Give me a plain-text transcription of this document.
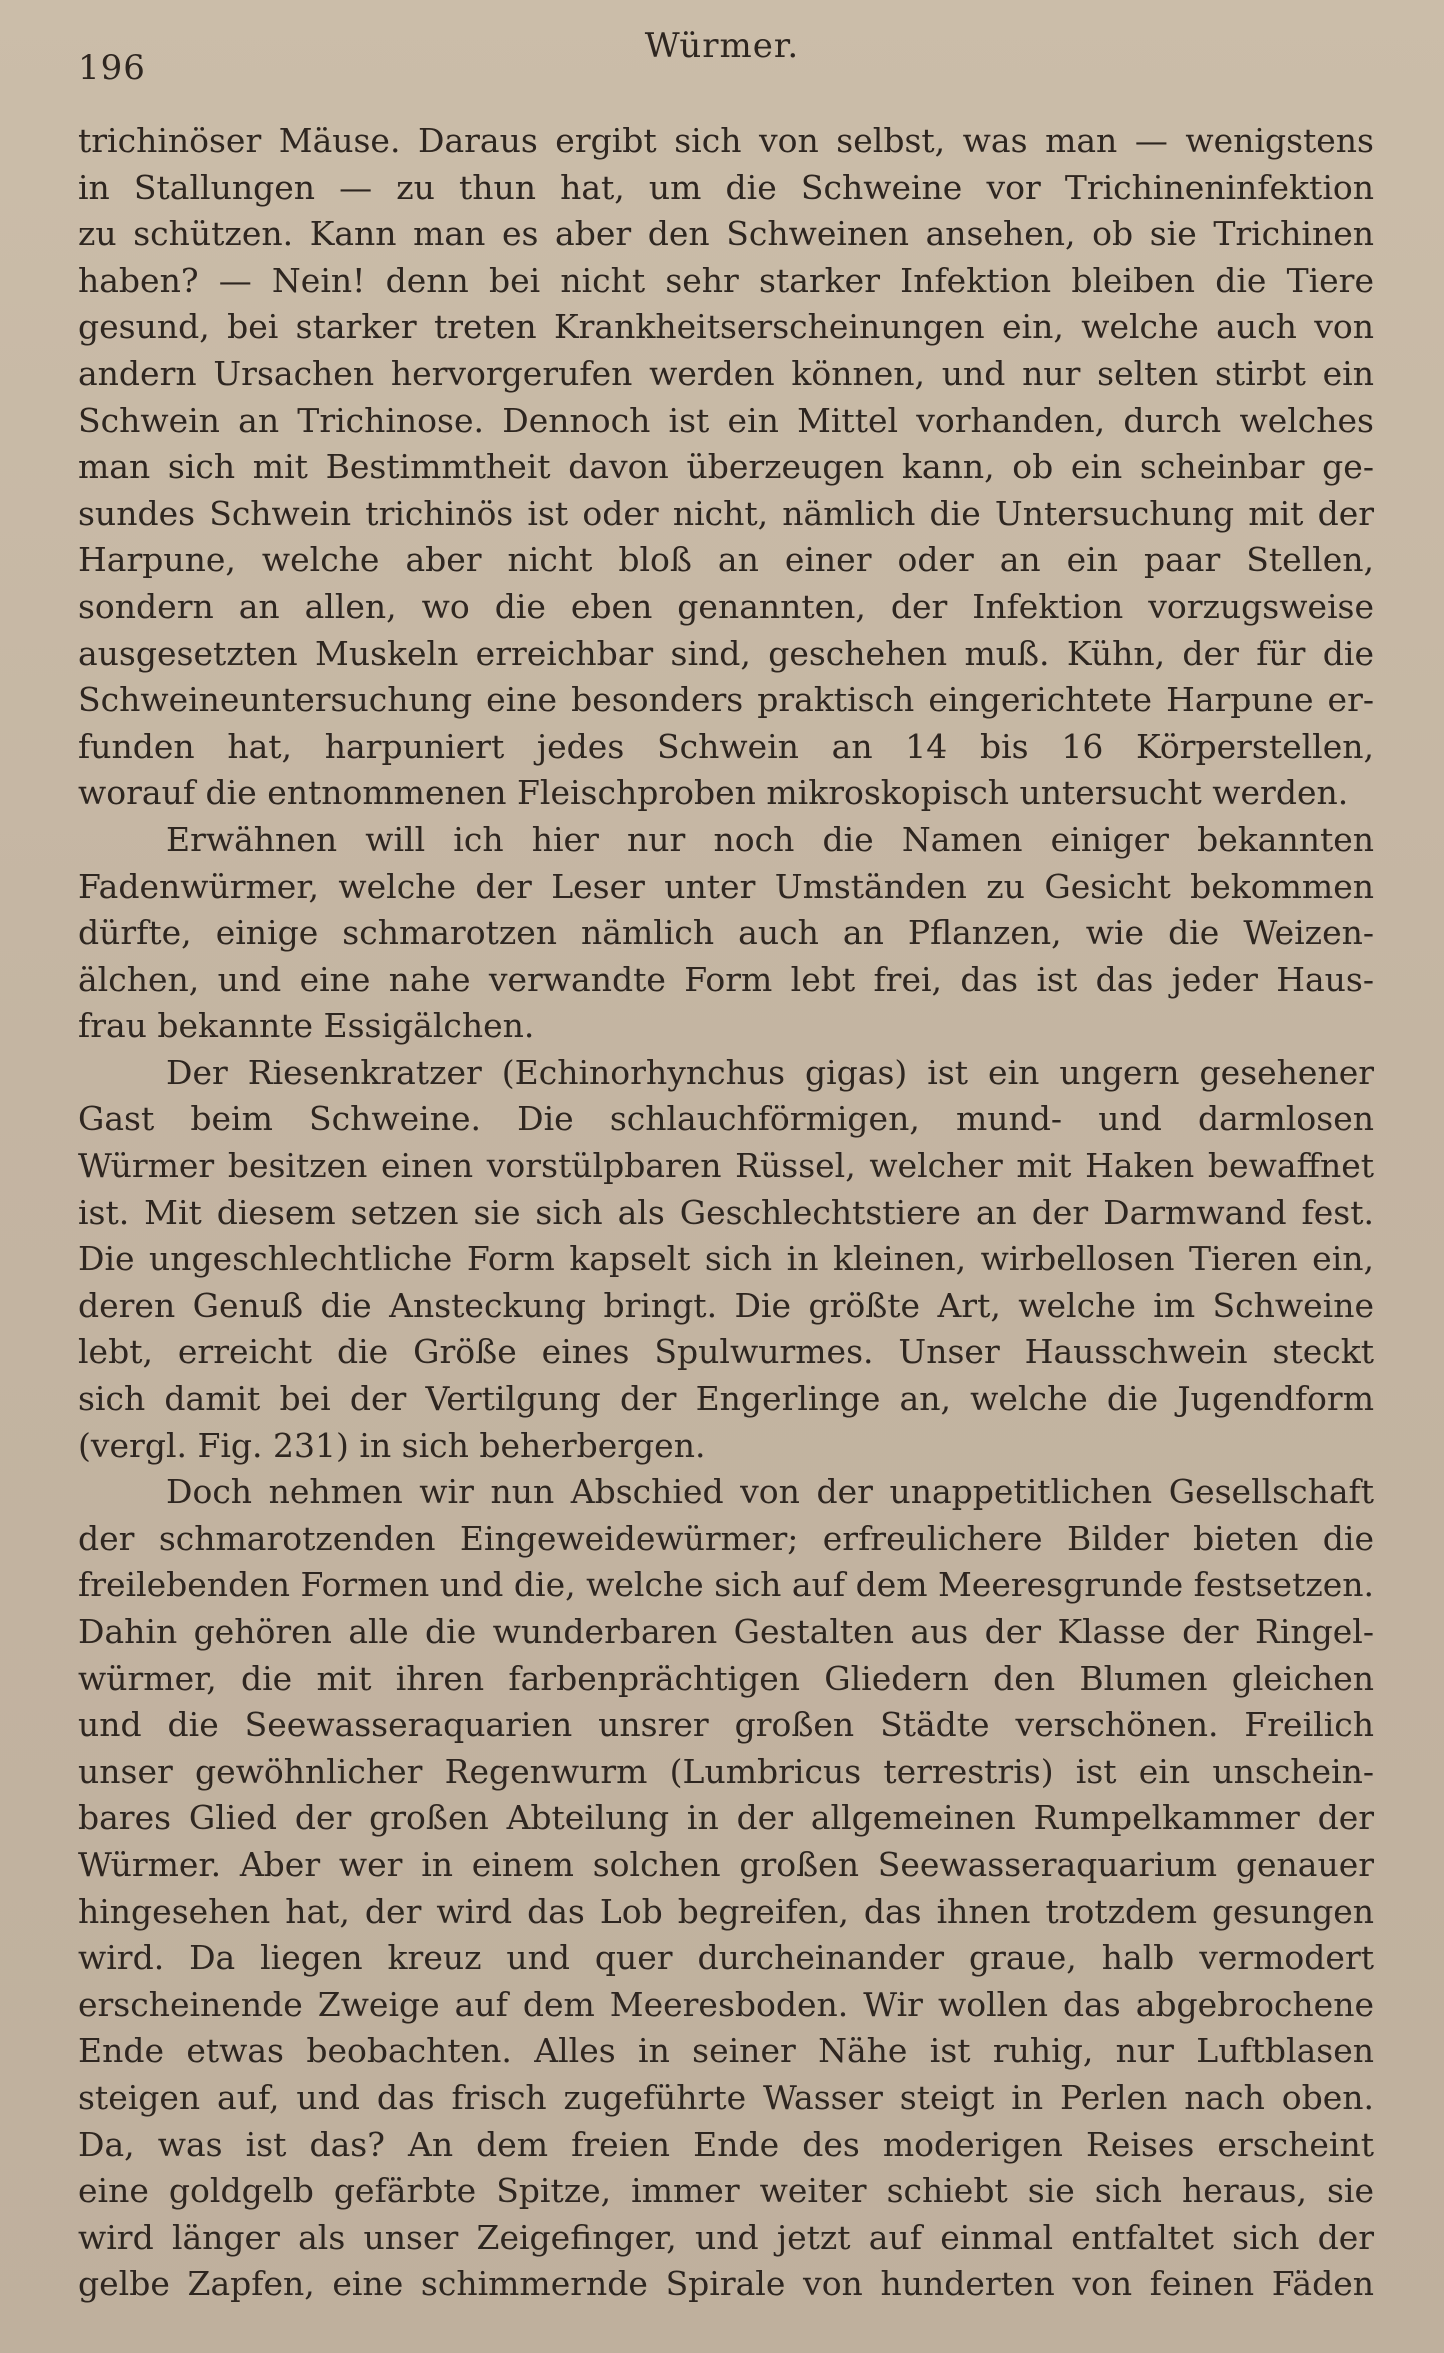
196
Würmer.
trichinöser Mäuse. Daraus ergibt sich von selbst, was man — wenigstens
in Stallungen — zu thun hat, um die Schweine vor Trichineninfektion
zu schützen. Kann man es aber den Schweinen ansehen, ob sie Trichinen
haben? — Nein! denn bei nicht sehr starker Infektion bleiben die Tiere
gesund, bei starker treten Krankheitserscheinungen ein, welche auch von
andern Ursachen hervorgerufen werden können, und nur selten stirbt ein
Schwein an Trichinose. Dennoch ist ein Mittel vorhanden, durch welches
man sich mit Bestimmtheit davon überzeugen kann, ob ein scheinbar ge-
sundes Schwein trichinös ist oder nicht, nämlich die Untersuchung mit der
Harpune, welche aber nicht bloß an einer oder an ein paar Stellen,
sondern an allen, wo die eben genannten, der Infektion vorzugsweise
ausgesetzten Muskeln erreichbar sind, geschehen muß. Kühn, der für die
Schweineuntersuchung eine besonders praktisch eingerichtete Harpune er-
funden hat, harpuniert jedes Schwein an 14 bis 16 Körperstellen,
worauf die entnommenen Fleischproben mikroskopisch untersucht werden.
Erwähnen will ich hier nur noch die Namen einiger bekannten
Fadenwürmer, welche der Leser unter Umständen zu Gesicht bekommen
dürfte, einige schmarotzen nämlich auch an Pflanzen, wie die Weizen-
älchen, und eine nahe verwandte Form lebt frei, das ist das jeder Haus-
frau bekannte Essigälchen.
Der Riesenkratzer (Echinorhynchus gigas) ist ein ungern gesehener
Gast beim Schweine. Die schlauchförmigen, mund- und darmlosen
Würmer besitzen einen vorstülpbaren Rüssel, welcher mit Haken bewaffnet
ist. Mit diesem setzen sie sich als Geschlechtstiere an der Darmwand fest.
Die ungeschlechtliche Form kapselt sich in kleinen, wirbellosen Tieren ein,
deren Genuß die Ansteckung bringt. Die größte Art, welche im Schweine
lebt, erreicht die Größe eines Spulwurmes. Unser Hausschwein steckt
sich damit bei der Vertilgung der Engerlinge an, welche die Jugendform
(vergl. Fig. 231) in sich beherbergen.
Doch nehmen wir nun Abschied von der unappetitlichen Gesellschaft
der schmarotzenden Eingeweidewürmer; erfreulichere Bilder bieten die
freilebenden Formen und die, welche sich auf dem Meeresgrunde festsetzen.
Dahin gehören alle die wunderbaren Gestalten aus der Klasse der Ringel-
würmer, die mit ihren farbenprächtigen Gliedern den Blumen gleichen
und die Seewasseraquarien unsrer großen Städte verschönen. Freilich
unser gewöhnlicher Regenwurm (Lumbricus terrestris) ist ein unschein-
bares Glied der großen Abteilung in der allgemeinen Rumpelkammer der
Würmer. Aber wer in einem solchen großen Seewasseraquarium genauer
hingesehen hat, der wird das Lob begreifen, das ihnen trotzdem gesungen
wird. Da liegen kreuz und quer durcheinander graue, halb vermodert
erscheinende Zweige auf dem Meeresboden. Wir wollen das abgebrochene
Ende etwas beobachten. Alles in seiner Nähe ist ruhig, nur Luftblasen
steigen auf, und das frisch zugeführte Wasser steigt in Perlen nach oben.
Da, was ist das? An dem freien Ende des moderigen Reises erscheint
eine goldgelb gefärbte Spitze, immer weiter schiebt sie sich heraus, sie
wird länger als unser Zeigefinger, und jetzt auf einmal entfaltet sich der
gelbe Zapfen, eine schimmernde Spirale von hunderten von feinen Fäden
